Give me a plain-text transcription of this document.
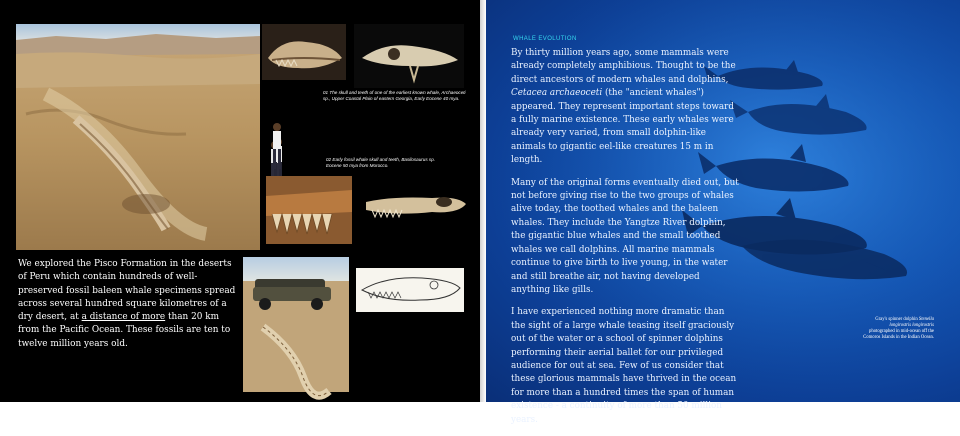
01 The skull and teeth of one of the earliest known whale, Archaeoceti sp., Upper Coastal Plain of eastern Georgia, Early Eocene 40 mya.
02 Early fossil whale skull and teeth, Basilosaurus sp. Eocene 50 mya from Morocco.
We explored the Pisco Formation in the deserts of Peru which contain hundreds of well-preserved fossil baleen whale specimens spread across several hundred square kilometres of a dry desert, at a distance of more than 20 km from the Pacific Ocean. These fossils are ten to twelve million years old.
WHALE EVOLUTION

By thirty million years ago, some mammals were already completely amphibious. Thought to be the direct ancestors of modern whales and dolphins, Cetacea archaeoceti (the "ancient whales") appeared. They represent important steps toward a fully marine existence. These early whales were already very varied, from small dolphin-like animals to gigantic eel-like creatures 15 m in length.

Many of the original forms eventually died out, but not before giving rise to the two groups of whales alive today, the toothed whales and the baleen whales. They include the Yangtze River dolphin, the gigantic blue whales and the small toothed whales we call dolphins. All marine mammals continue to give birth to live young, in the water and still breathe air, not having developed anything like gills.

I have experienced nothing more dramatic than the sight of a large whale teasing itself graciously out of the water or a school of spinner dolphins performing their aerial ballet for our privileged audience for out at sea. Few of us consider that these glorious mammals have thrived in the ocean for more than a hundred times the span of human existence - a continuity of more than 50 million years.

Gray's spinner dolphin Stenella
longirostris longirostris
photographed in mid-ocean off the
Comoros Islands in the Indian Ocean.
